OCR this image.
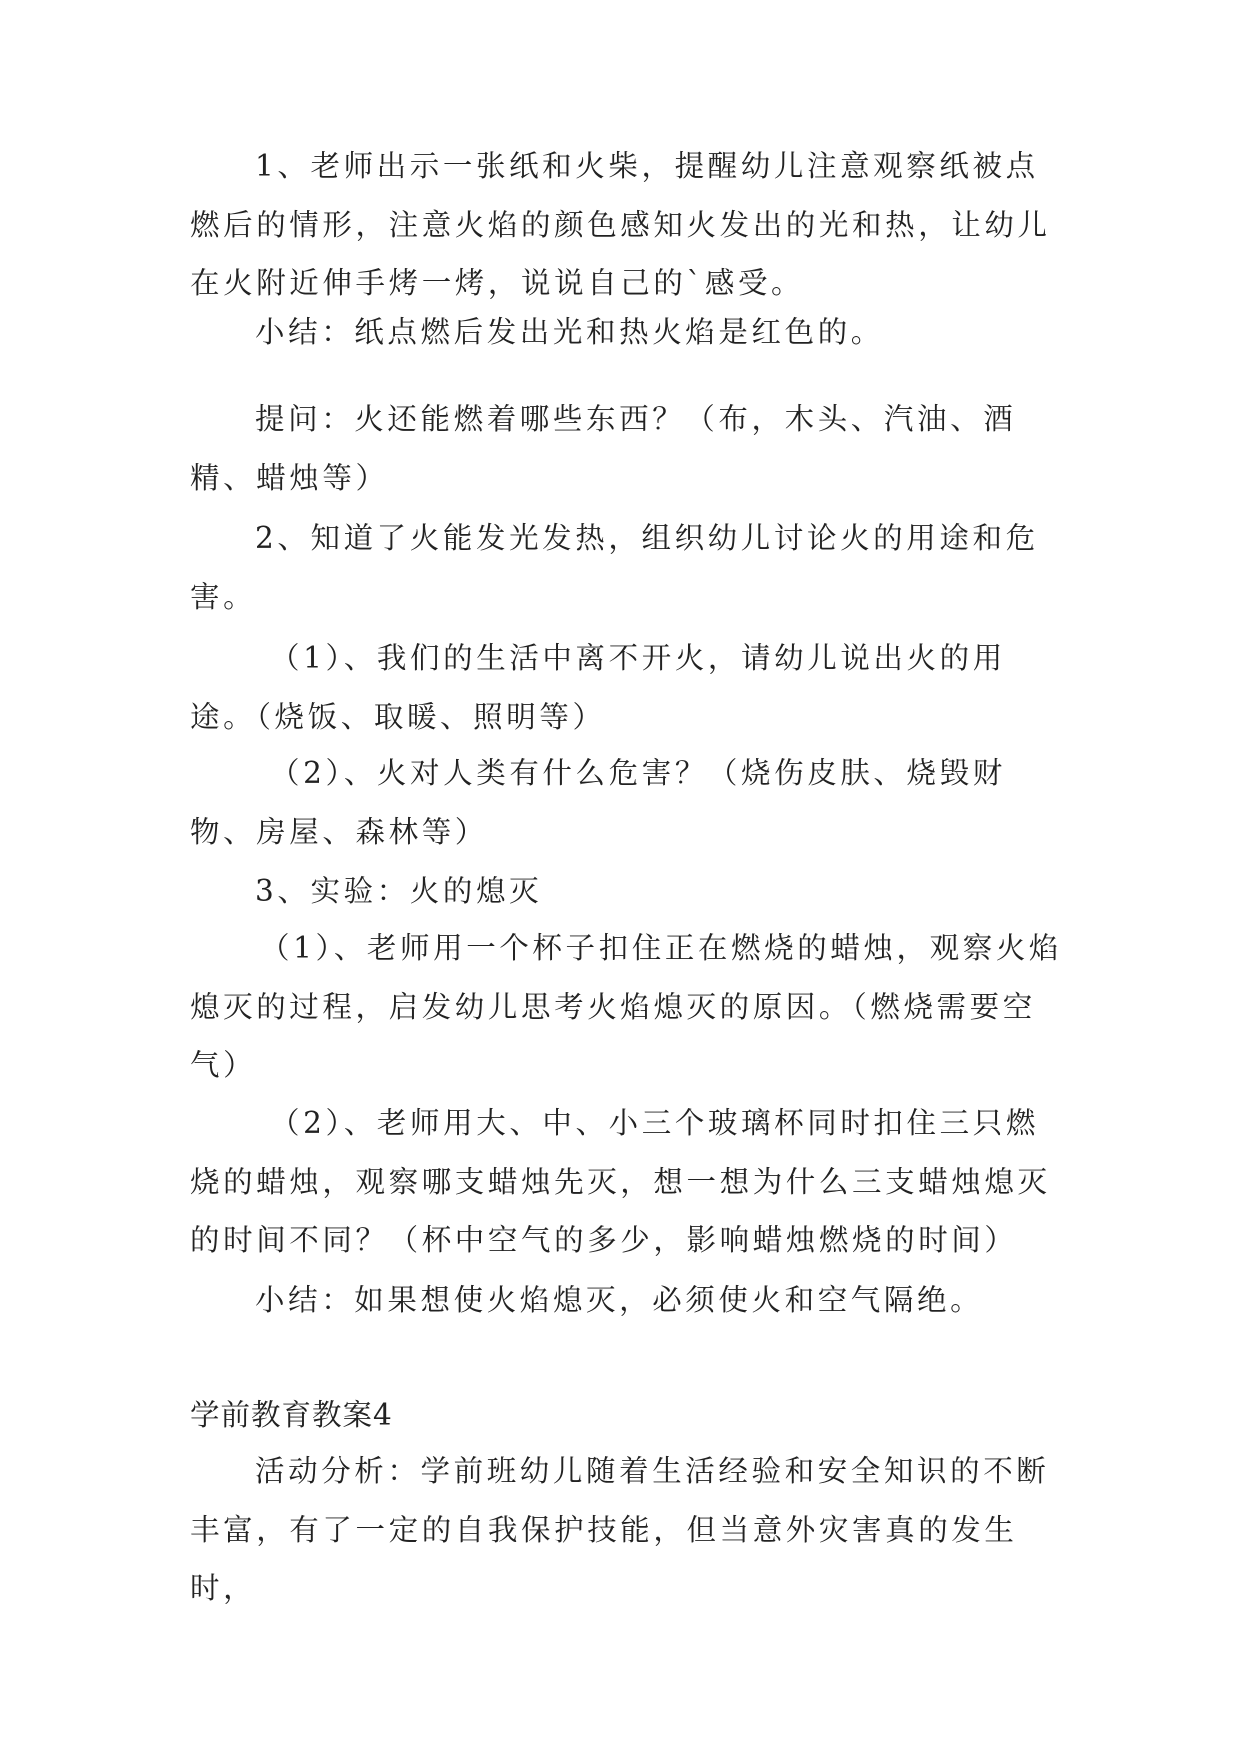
1、老师出示一张纸和火柴，提醒幼儿注意观察纸被点燃后的情形，注意火焰的颜色感知火发出的光和热，让幼儿在火附近伸手烤一烤，说说自己的`感受。

小结：纸点燃后发出光和热火焰是红色的。

提问：火还能燃着哪些东西？（布，木头、汽油、酒精、蜡烛等）

2、知道了火能发光发热，组织幼儿讨论火的用途和危害。

（1）、我们的生活中离不开火，请幼儿说出火的用途。（烧饭、取暖、照明等）

（2）、火对人类有什么危害？（烧伤皮肤、烧毁财物、房屋、森林等）

3、实验：火的熄灭

（1）、老师用一个杯子扣住正在燃烧的蜡烛，观察火焰熄灭的过程，启发幼儿思考火焰熄灭的原因。（燃烧需要空气）

（2）、老师用大、中、小三个玻璃杯同时扣住三只燃烧的蜡烛，观察哪支蜡烛先灭，想一想为什么三支蜡烛熄灭的时间不同？（杯中空气的多少，影响蜡烛燃烧的时间）

小结：如果想使火焰熄灭，必须使火和空气隔绝。

学前教育教案4

活动分析：学前班幼儿随着生活经验和安全知识的不断丰富，有了一定的自我保护技能，但当意外灾害真的发生时，
